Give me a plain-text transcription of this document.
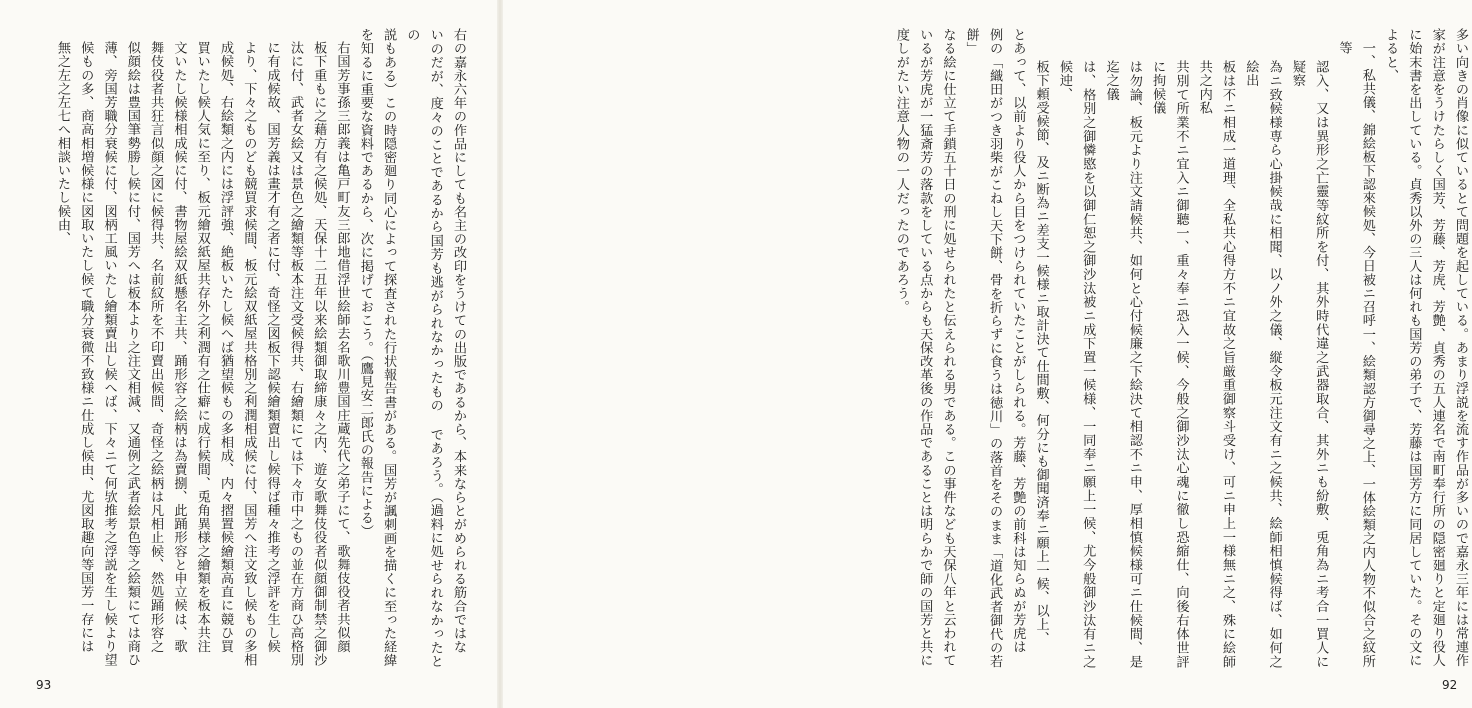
右の嘉永六年の作品にしても名主の改印をうけての出版であるから、本来ならとがめられる筋合ではな
いのだが、度々のことであるから国芳も逃がられなかったもの であろう。（過料に処せられなかったとの
説もある）この時隠密廻り同心によって探査された行状報告書がある。国芳が諷刺画を描くに至った経緯
を知るに重要な資料であるから、次に掲げておこう。（鷹見安二郎氏の報告による）
右国芳事孫三郎義は亀戸町友三郎地借浮世絵師去名歌川豊国庄蔵先代之弟子にて、歌舞伎役者共似顔
板下重もに之藉方有之候処、天保十二丑年以来絵類御取締康々之内、遊女歌舞伎役者似顔御制禁之御沙
汰に付、武者女絵又は景色之繪類等板本注文受候得共、右繪類にては下々市中之もの並在方商ひ高格別
に有成候故、国芳義は畫才有之者に付、奇怪之図板下認候繪類賣出し候得ば種々推考之浮評を生し候
より、下々之ものども競買求候間、板元絵双紙屋共格別之利潤相成候に付、国芳へ注文致し候もの多相
成候処、右絵類之内には浮評強、絶板いたし候へば猶望候もの多相成、内々摺置候繪類高直に競ひ買
買いたし候人気に至り、板元繪双紙屋共存外之利潤有之仕癖に成行候間、兎角異様之繪類を板本共注
文いたし候様相成候に付、書物屋絵双紙懸名主共、踊形容之絵柄は為賣捌、此踊形容と申立候は、歌
舞伎役者共狂言似顔之図に候得共、名前紋所を不印賣出候間、奇怪之絵柄は凡相止候、然処踊形容之
似顔絵は豊国筆勢勝し候に付、国芳へは板本より之注文相減、又通例之武者絵景色等之絵類にては商ひ
薄、旁国芳職分衰候に付、図柄工風いたし繪類賣出し候へば、下々ニて何欤推考之浮説を生し候より望
候もの多、商高相増候様に図取いたし候て職分衰微不致様ニ仕成し候由、尤図取趣向等国芳一存には
無之左之左七へ相談いたし候由、
93
多い向きの肖像に似ているとて問題を起している。あまり浮説を流す作品が多いので嘉永三年には常連作
家が注意をうけたらしく国芳、芳藤、芳虎、芳艶、貞秀の五人連名で南町奉行所の隠密廻りと定廻り役人
に始末書を出している。貞秀以外の三人は何れも国芳の弟子で、芳藤は国芳方に同居していた。その文に
よると、
一、私共儀、錦絵板下認來候処、今日被ニ召呼一、絵類認方御尋之上、一体絵類之内人物不似合之紋所等
認入、又は異形之亡靈等紋所を付、其外時代違之武器取合、其外ニも紛敷、兎角為ニ考合一買人に疑察
為ニ致候様専ら心掛候哉に相聞、以ノ外之儀、縦令板元注文有ニ之候共、絵師相慎候得ば、如何之絵出
板は不ニ相成一道理、全私共心得方不ニ宜故之旨厳重御察斗受け、可ニ申上一様無ニ之、殊に絵師共之内私
共別て所業不ニ宜入ニ御聽一、重々奉ニ恐入一候、今般之御沙汰心魂に徹し恐縮仕、向後右体世評に拘候儀
は勿論、板元より注文請候共、如何と心付候廉之下絵決て相認不ニ申、厚相慎候様可ニ仕候間、是迄之儀
は、格別之御憐愍を以御仁恕之御沙汰被ニ成下置一候様、一同奉ニ願上一候、尤今般御沙汰有ニ之候迚、
板下頼受候節、及ニ断為ニ差支一候様ニ取計決て仕間敷、何分にも御聞済奉ニ願上一候、以上、
とあって、以前より役人から目をつけられていたことがしられる。芳藤、芳艶の前科は知らぬが芳虎は
例の「織田がつき羽柴がこねし天下餅、骨を折らずに食うは徳川」の落首をそのまま「道化武者御代の若餅」
なる絵に仕立て手鎖五十日の刑に処せられたと伝えられる男である。この事件なども天保八年と云われて
いるが芳虎が一猛斎芳の落款をしている点からも天保改革後の作品であることは明らかで師の国芳と共に
度しがたい注意人物の一人だったのであろう。
92
